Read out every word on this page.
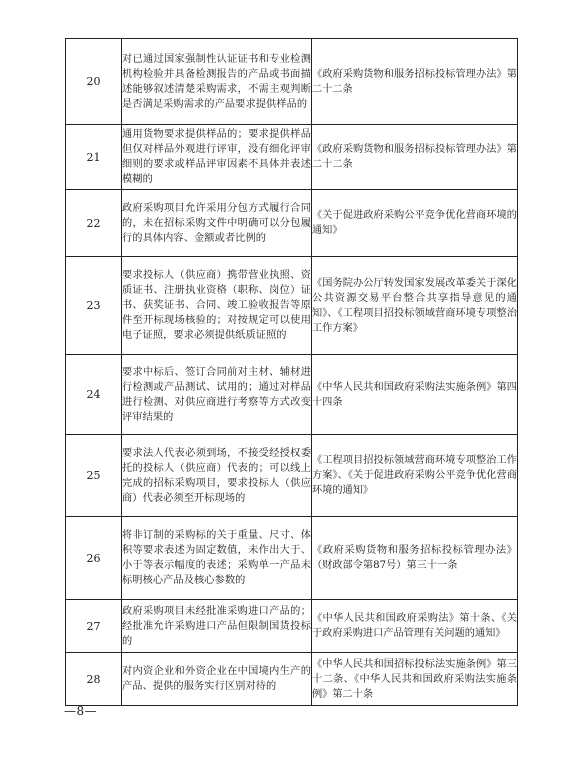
20	对已通过国家强制性认证证书和专业检测机构检验并具备检测报告的产品或书面描述能够叙述清楚采购需求，不需主观判断是否满足采购需求的产品要求提供样品的	《政府采购货物和服务招标投标管理办法》第二十二条

21	通用货物要求提供样品的；要求提供样品但仅对样品外观进行评审，没有细化评审细则的要求或样品评审因素不具体并表述模糊的	《政府采购货物和服务招标投标管理办法》第二十二条

22	政府采购项目允许采用分包方式履行合同的，未在招标采购文件中明确可以分包履行的具体内容、金额或者比例的	《关于促进政府采购公平竞争优化营商环境的通知》

23	要求投标人（供应商）携带营业执照、资质证书、注册执业资格（职称、岗位）证书、获奖证书、合同、竣工验收报告等原件至开标现场核验的；对按规定可以使用电子证照，要求必须提供纸质证照的	《国务院办公厅转发国家发展改革委关于深化公共资源交易平台整合共享指导意见的通知》、《工程项目招投标领域营商环境专项整治工作方案》

24	要求中标后、签订合同前对主材、辅材进行检测或产品测试、试用的；通过对样品进行检测、对供应商进行考察等方式改变评审结果的	《中华人民共和国政府采购法实施条例》第四十四条

25	要求法人代表必须到场，不接受经授权委托的投标人（供应商）代表的；可以线上完成的招标采购项目，要求投标人（供应商）代表必须至开标现场的	《工程项目招投标领域营商环境专项整治工作方案》、《关于促进政府采购公平竞争优化营商环境的通知》

26	将非订制的采购标的关于重量、尺寸、体积等要求表述为固定数值，未作出大于、小于等表示幅度的表述；采购单一产品未标明核心产品及核心参数的	《政府采购货物和服务招标投标管理办法》（财政部令第87号）第三十一条

27	政府采购项目未经批准采购进口产品的；经批准允许采购进口产品但限制国货投标的	《中华人民共和国政府采购法》第十条、《关于政府采购进口产品管理有关问题的通知》

28	对内资企业和外资企业在中国境内生产的产品、提供的服务实行区别对待的	《中华人民共和国招标投标法实施条例》第三十二条、《中华人民共和国政府采购法实施条例》第二十条
—8—
